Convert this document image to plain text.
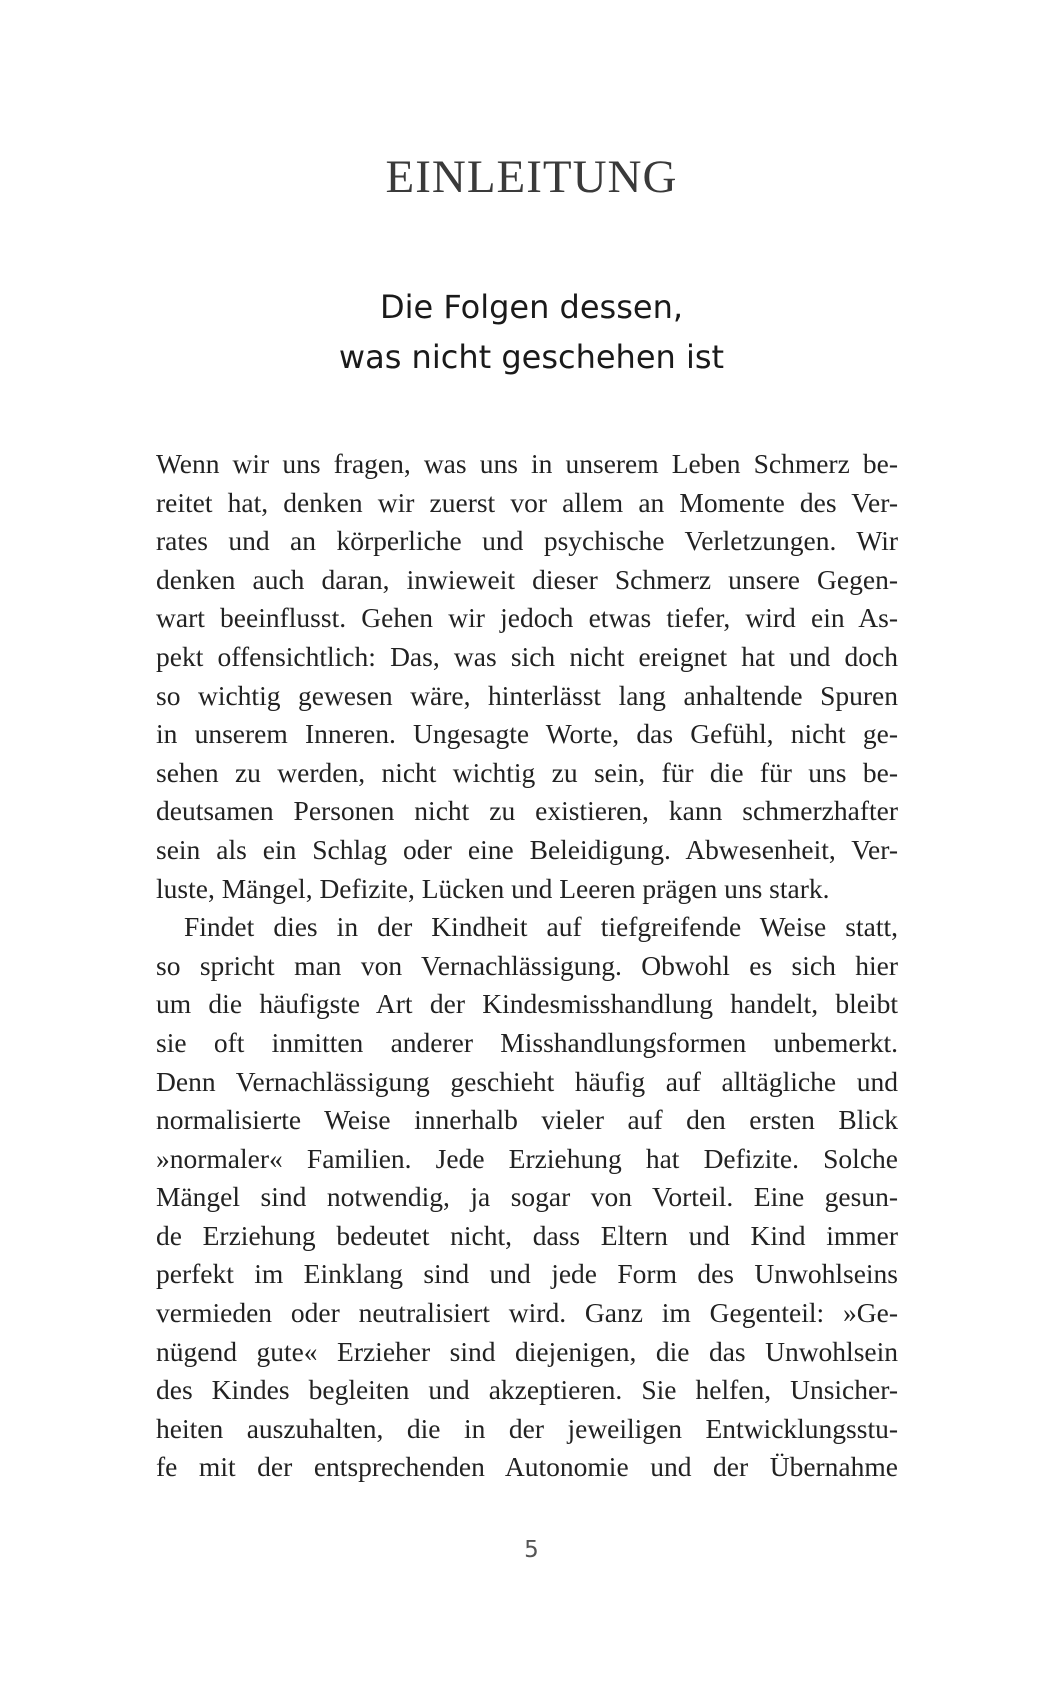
EINLEITUNG
Die Folgen dessen,
was nicht geschehen ist

Wenn wir uns fragen, was uns in unserem Leben Schmerz be-
reitet hat, denken wir zuerst vor allem an Momente des Ver-
rates und an körperliche und psychische Verletzungen. Wir
denken auch daran, inwieweit dieser Schmerz unsere Gegen-
wart beeinflusst. Gehen wir jedoch etwas tiefer, wird ein As-
pekt offensichtlich: Das, was sich nicht ereignet hat und doch
so wichtig gewesen wäre, hinterlässt lang anhaltende Spuren
in unserem Inneren. Ungesagte Worte, das Gefühl, nicht ge-
sehen zu werden, nicht wichtig zu sein, für die für uns be-
deutsamen Personen nicht zu existieren, kann schmerzhafter
sein als ein Schlag oder eine Beleidigung. Abwesenheit, Ver-
luste, Mängel, Defizite, Lücken und Leeren prägen uns stark.

Findet dies in der Kindheit auf tiefgreifende Weise statt,
so spricht man von Vernachlässigung. Obwohl es sich hier
um die häufigste Art der Kindesmisshandlung handelt, bleibt
sie oft inmitten anderer Misshandlungsformen unbemerkt.
Denn Vernachlässigung geschieht häufig auf alltägliche und
normalisierte Weise innerhalb vieler auf den ersten Blick
»normaler« Familien. Jede Erziehung hat Defizite. Solche
Mängel sind notwendig, ja sogar von Vorteil. Eine gesun-
de Erziehung bedeutet nicht, dass Eltern und Kind immer
perfekt im Einklang sind und jede Form des Unwohlseins
vermieden oder neutralisiert wird. Ganz im Gegenteil: »Ge-
nügend gute« Erzieher sind diejenigen, die das Unwohlsein
des Kindes begleiten und akzeptieren. Sie helfen, Unsicher-
heiten auszuhalten, die in der jeweiligen Entwicklungsstu-
fe mit der entsprechenden Autonomie und der Übernahme

5
